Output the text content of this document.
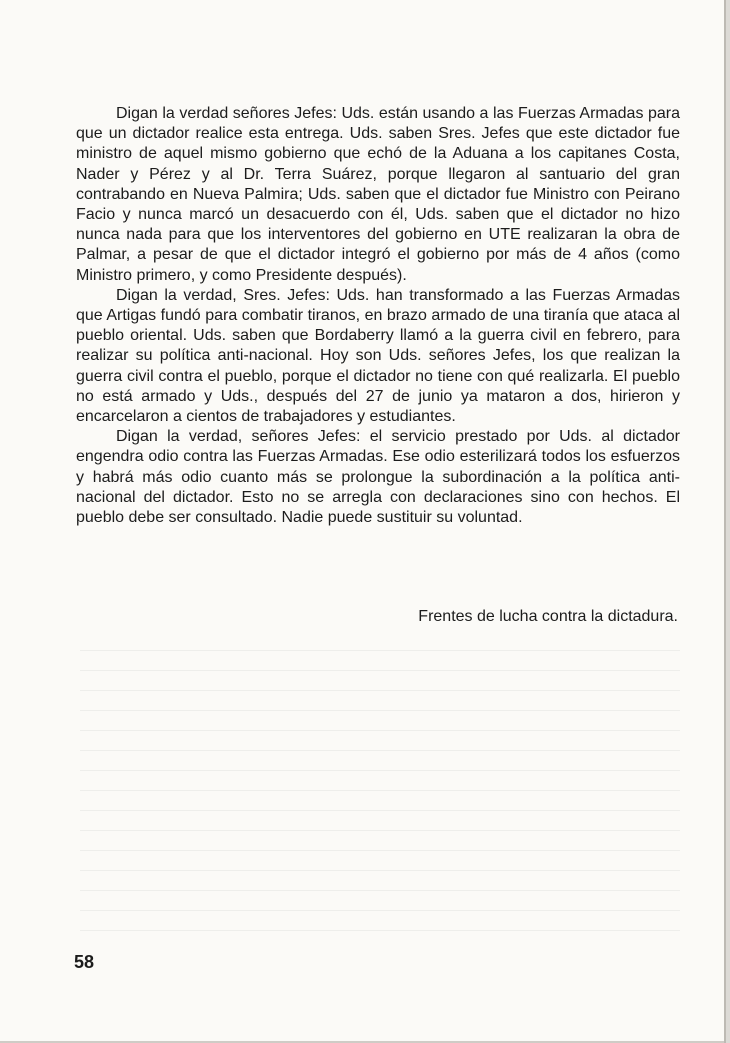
Digan la verdad señores Jefes: Uds. están usando a las Fuerzas Armadas para que un dictador realice esta entrega. Uds. saben Sres. Jefes que este dictador fue ministro de aquel mismo gobierno que echó de la Aduana a los capitanes Costa, Nader y Pérez y al Dr. Terra Suárez, porque llegaron al santuario del gran contrabando en Nueva Palmira; Uds. saben que el dictador fue Ministro con Peirano Facio y nunca marcó un desacuerdo con él, Uds. saben que el dictador no hizo nunca nada para que los interventores del gobierno en UTE realizaran la obra de Palmar, a pesar de que el dictador integró el gobierno por más de 4 años (como Ministro primero, y como Presidente después).

Digan la verdad, Sres. Jefes: Uds. han transformado a las Fuerzas Armadas que Artigas fundó para combatir tiranos, en brazo armado de una tiranía que ataca al pueblo oriental. Uds. saben que Bordaberry llamó a la guerra civil en febrero, para realizar su política anti-nacional. Hoy son Uds. señores Jefes, los que realizan la guerra civil contra el pueblo, porque el dictador no tiene con qué realizarla. El pueblo no está armado y Uds., después del 27 de junio ya mataron a dos, hirieron y encarcelaron a cientos de trabajadores y estudiantes.

Digan la verdad, señores Jefes: el servicio prestado por Uds. al dictador engendra odio contra las Fuerzas Armadas. Ese odio esterilizará todos los esfuerzos y habrá más odio cuanto más se prolongue la subordinación a la política anti-nacional del dictador. Esto no se arregla con declaraciones sino con hechos. El pueblo debe ser consultado. Nadie puede sustituir su voluntad.

Frentes de lucha contra la dictadura.
58
